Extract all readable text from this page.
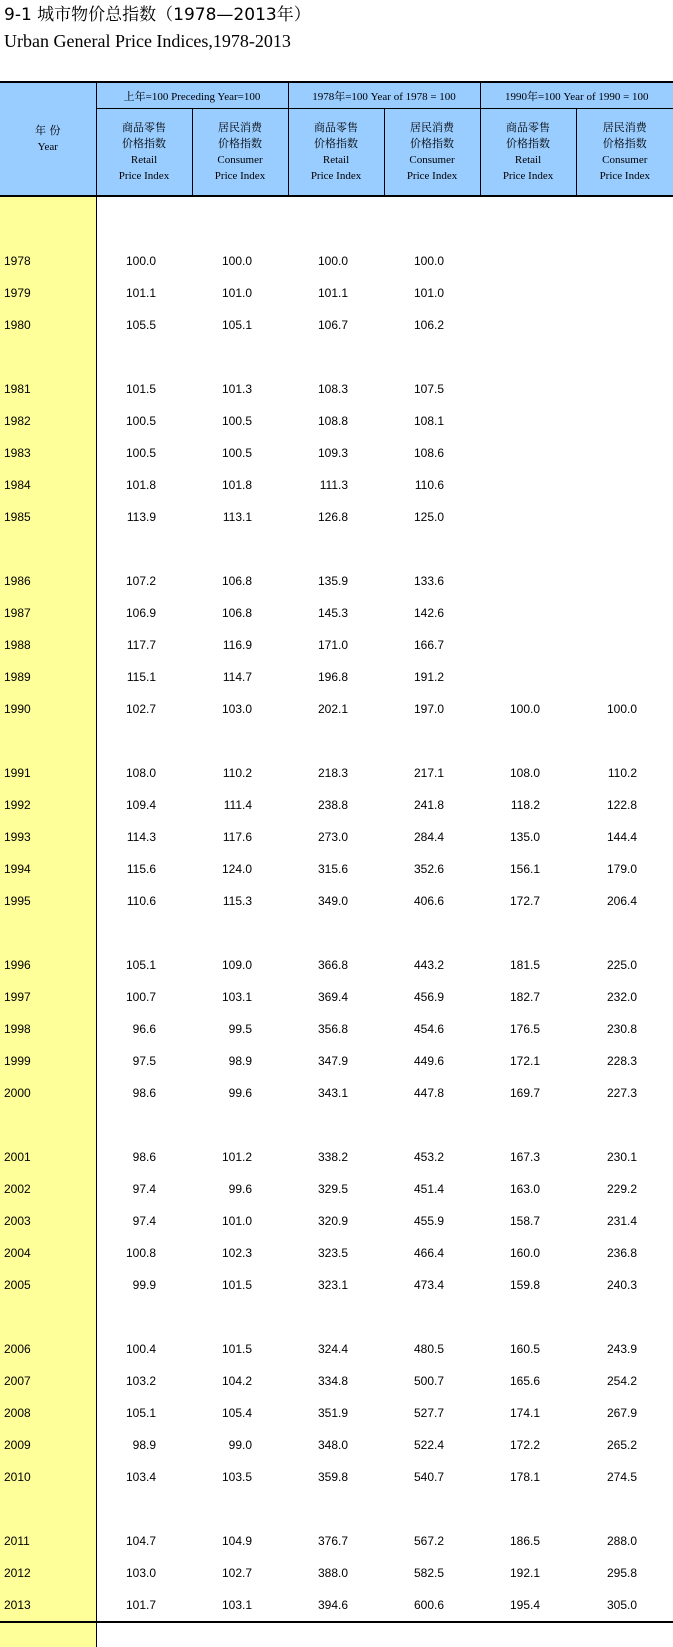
9-1 城市物价总指数（1978—2013年）
Urban General Price Indices,1978-2013
年 份
Year	上年=100 Preceding Year=100		1978年=100 Year of 1978 = 100		1990年=100 Year of 1990 = 100	

	商品零售
价格指数
Retail
Price Index	居民消费
价格指数
Consumer
Price Index	商品零售
价格指数
Retail
Price Index	居民消费
价格指数
Consumer
Price Index	商品零售
价格指数
Retail
Price Index	居民消费
价格指数
Consumer
Price Index

1978	100.0	100.0	100.0	100.0		
1979	101.1	101.0	101.1	101.0		
1980	105.5	105.1	106.7	106.2		

1981	101.5	101.3	108.3	107.5		
1982	100.5	100.5	108.8	108.1		
1983	100.5	100.5	109.3	108.6		
1984	101.8	101.8	111.3	110.6		
1985	113.9	113.1	126.8	125.0		

1986	107.2	106.8	135.9	133.6		
1987	106.9	106.8	145.3	142.6		
1988	117.7	116.9	171.0	166.7		
1989	115.1	114.7	196.8	191.2		
1990	102.7	103.0	202.1	197.0	100.0	100.0

1991	108.0	110.2	218.3	217.1	108.0	110.2
1992	109.4	111.4	238.8	241.8	118.2	122.8
1993	114.3	117.6	273.0	284.4	135.0	144.4
1994	115.6	124.0	315.6	352.6	156.1	179.0
1995	110.6	115.3	349.0	406.6	172.7	206.4

1996	105.1	109.0	366.8	443.2	181.5	225.0
1997	100.7	103.1	369.4	456.9	182.7	232.0
1998	96.6	99.5	356.8	454.6	176.5	230.8
1999	97.5	98.9	347.9	449.6	172.1	228.3
2000	98.6	99.6	343.1	447.8	169.7	227.3

2001	98.6	101.2	338.2	453.2	167.3	230.1
2002	97.4	99.6	329.5	451.4	163.0	229.2
2003	97.4	101.0	320.9	455.9	158.7	231.4
2004	100.8	102.3	323.5	466.4	160.0	236.8
2005	99.9	101.5	323.1	473.4	159.8	240.3

2006	100.4	101.5	324.4	480.5	160.5	243.9
2007	103.2	104.2	334.8	500.7	165.6	254.2
2008	105.1	105.4	351.9	527.7	174.1	267.9
2009	98.9	99.0	348.0	522.4	172.2	265.2
2010	103.4	103.5	359.8	540.7	178.1	274.5

2011	104.7	104.9	376.7	567.2	186.5	288.0
2012	103.0	102.7	388.0	582.5	192.1	295.8
2013	101.7	103.1	394.6	600.6	195.4	305.0
